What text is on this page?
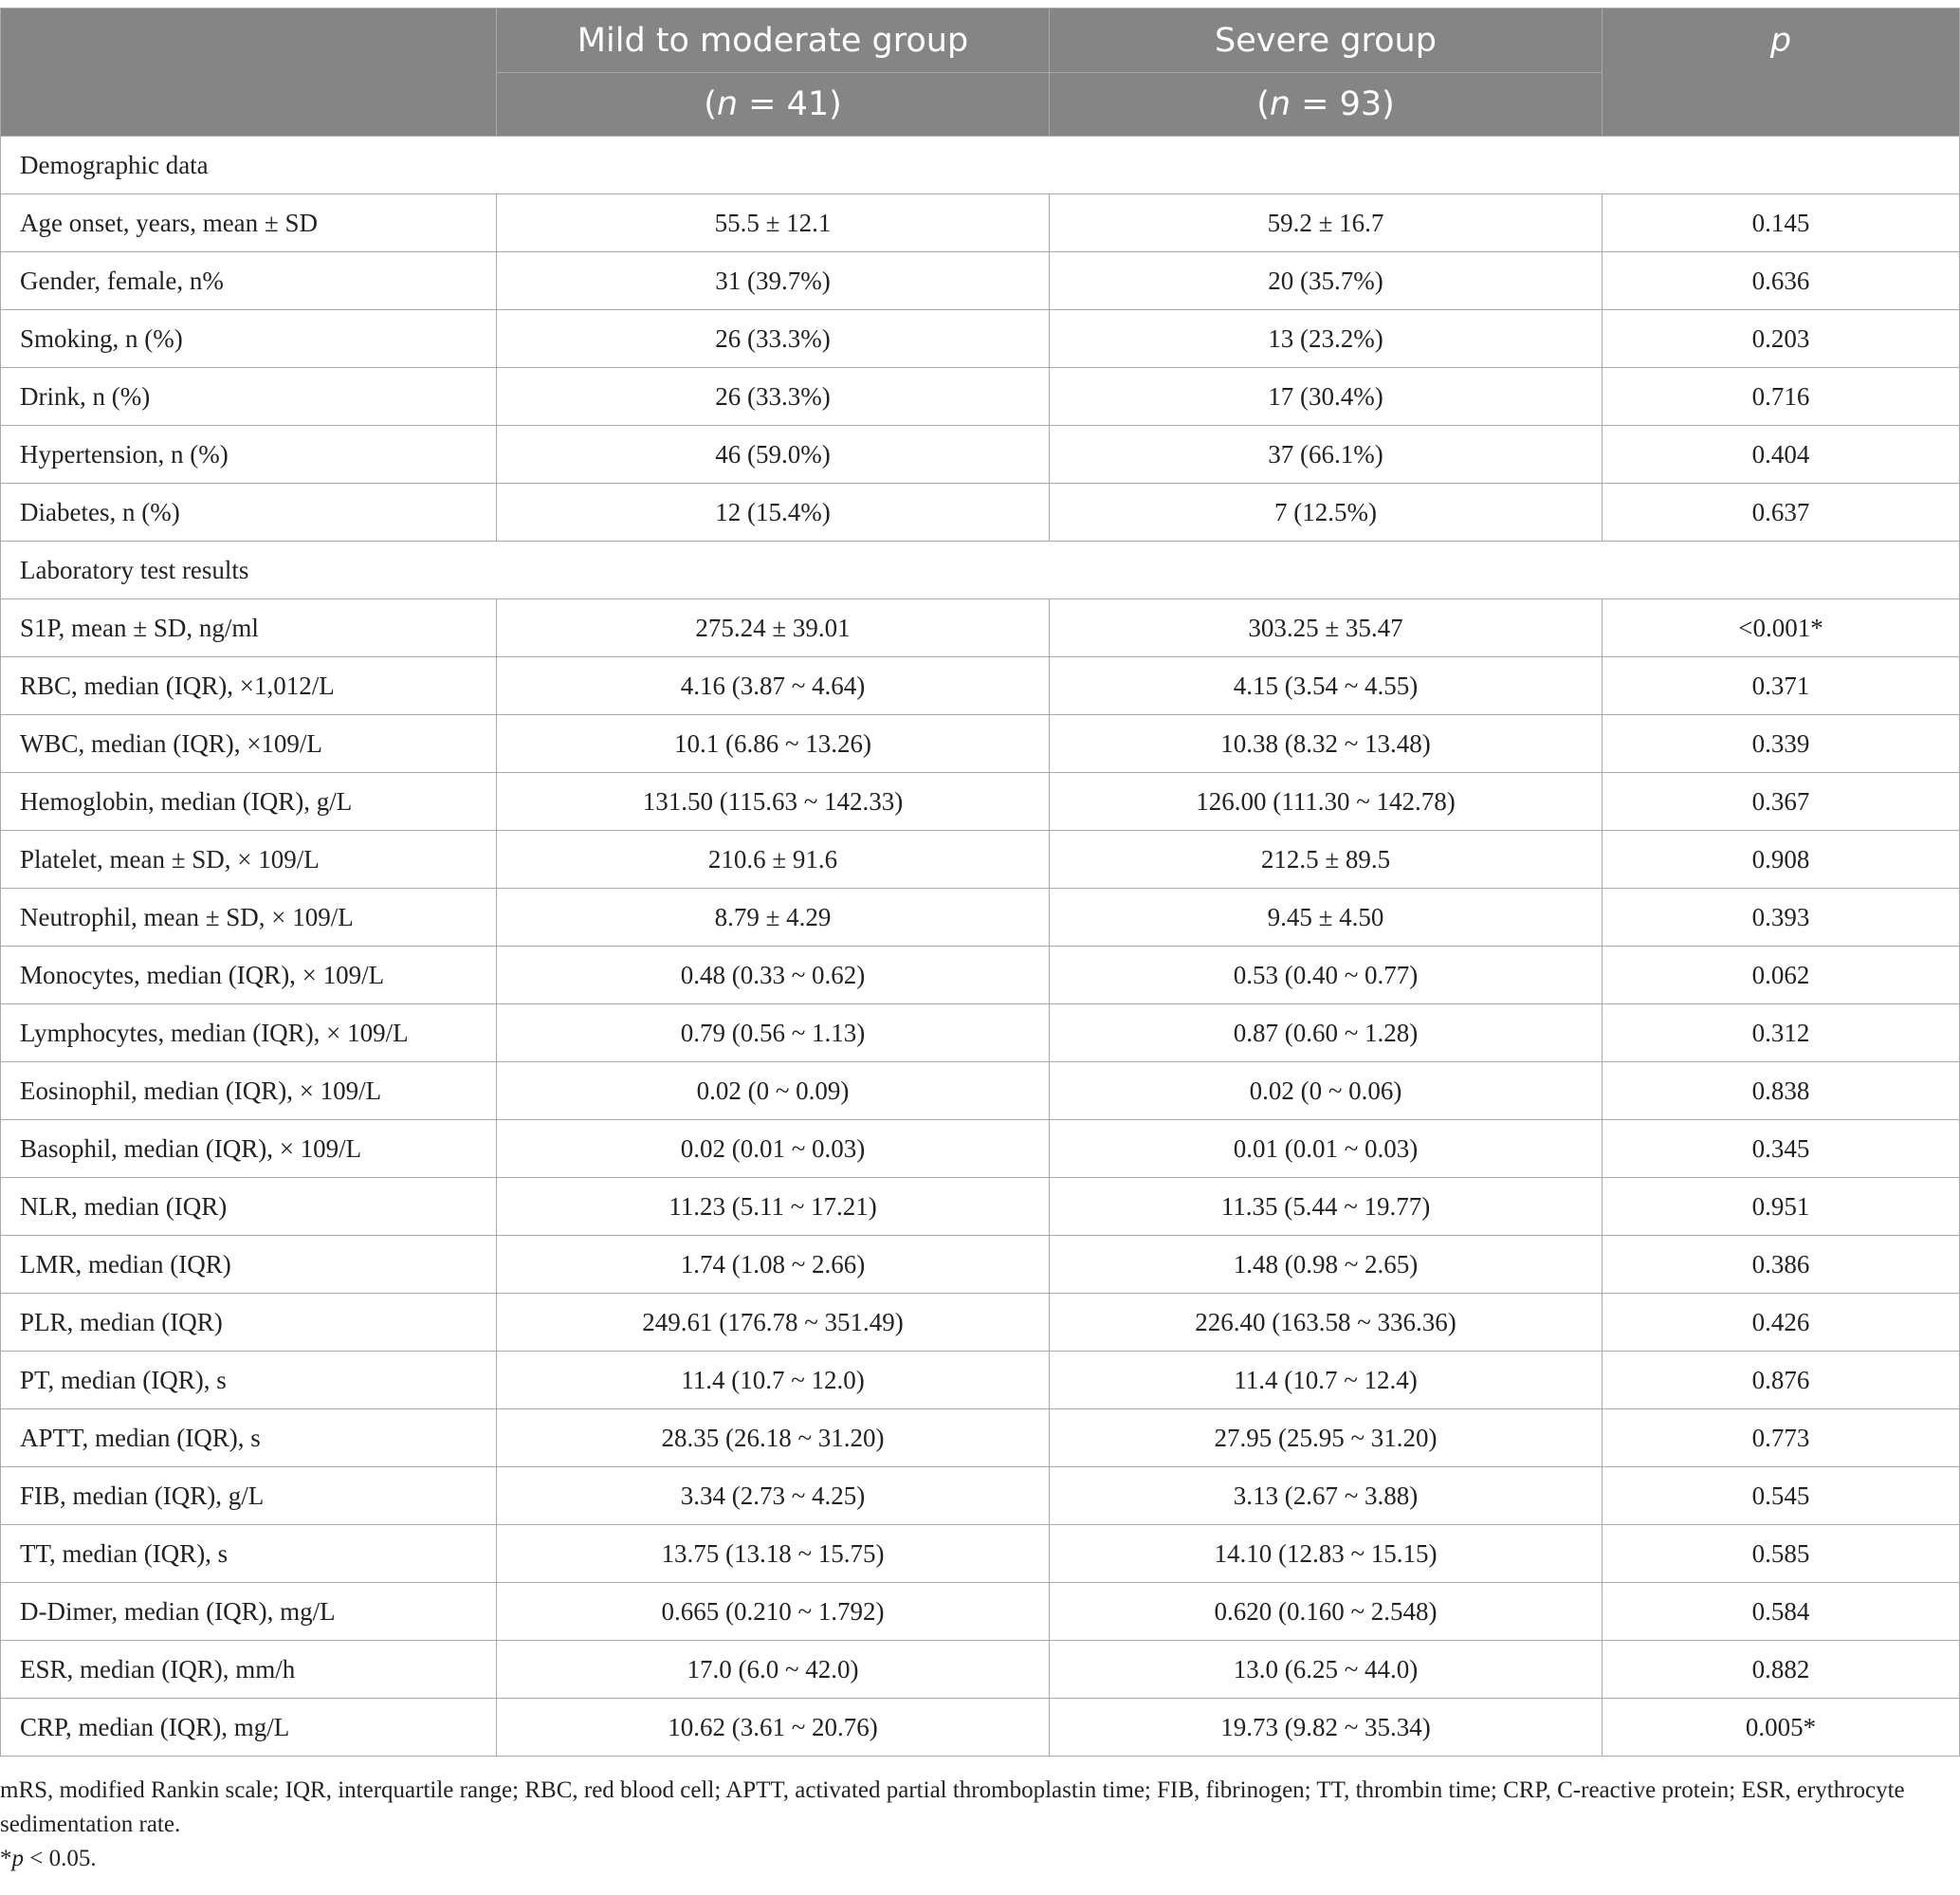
	Mild to moderate group	Severe group	p
	(n = 41)	(n = 93)	
Demographic data			
Age onset, years, mean ± SD	55.5 ± 12.1	59.2 ± 16.7	0.145
Gender, female, n%	31 (39.7%)	20 (35.7%)	0.636
Smoking, n (%)	26 (33.3%)	13 (23.2%)	0.203
Drink, n (%)	26 (33.3%)	17 (30.4%)	0.716
Hypertension, n (%)	46 (59.0%)	37 (66.1%)	0.404
Diabetes, n (%)	12 (15.4%)	7 (12.5%)	0.637
Laboratory test results			
S1P, mean ± SD, ng/ml	275.24 ± 39.01	303.25 ± 35.47	<0.001*
RBC, median (IQR), ×1,012/L	4.16 (3.87 ~ 4.64)	4.15 (3.54 ~ 4.55)	0.371
WBC, median (IQR), ×109/L	10.1 (6.86 ~ 13.26)	10.38 (8.32 ~ 13.48)	0.339
Hemoglobin, median (IQR), g/L	131.50 (115.63 ~ 142.33)	126.00 (111.30 ~ 142.78)	0.367
Platelet, mean ± SD, × 109/L	210.6 ± 91.6	212.5 ± 89.5	0.908
Neutrophil, mean ± SD, × 109/L	8.79 ± 4.29	9.45 ± 4.50	0.393
Monocytes, median (IQR), × 109/L	0.48 (0.33 ~ 0.62)	0.53 (0.40 ~ 0.77)	0.062
Lymphocytes, median (IQR), × 109/L	0.79 (0.56 ~ 1.13)	0.87 (0.60 ~ 1.28)	0.312
Eosinophil, median (IQR), × 109/L	0.02 (0 ~ 0.09)	0.02 (0 ~ 0.06)	0.838
Basophil, median (IQR), × 109/L	0.02 (0.01 ~ 0.03)	0.01 (0.01 ~ 0.03)	0.345
NLR, median (IQR)	11.23 (5.11 ~ 17.21)	11.35 (5.44 ~ 19.77)	0.951
LMR, median (IQR)	1.74 (1.08 ~ 2.66)	1.48 (0.98 ~ 2.65)	0.386
PLR, median (IQR)	249.61 (176.78 ~ 351.49)	226.40 (163.58 ~ 336.36)	0.426
PT, median (IQR), s	11.4 (10.7 ~ 12.0)	11.4 (10.7 ~ 12.4)	0.876
APTT, median (IQR), s	28.35 (26.18 ~ 31.20)	27.95 (25.95 ~ 31.20)	0.773
FIB, median (IQR), g/L	3.34 (2.73 ~ 4.25)	3.13 (2.67 ~ 3.88)	0.545
TT, median (IQR), s	13.75 (13.18 ~ 15.75)	14.10 (12.83 ~ 15.15)	0.585
D-Dimer, median (IQR), mg/L	0.665 (0.210 ~ 1.792)	0.620 (0.160 ~ 2.548)	0.584
ESR, median (IQR), mm/h	17.0 (6.0 ~ 42.0)	13.0 (6.25 ~ 44.0)	0.882
CRP, median (IQR), mg/L	10.62 (3.61 ~ 20.76)	19.73 (9.82 ~ 35.34)	0.005*

mRS, modified Rankin scale; IQR, interquartile range; RBC, red blood cell; APTT, activated partial thromboplastin time; FIB, fibrinogen; TT, thrombin time; CRP, C-reactive protein; ESR, erythrocyte sedimentation rate.

*p < 0.05.
